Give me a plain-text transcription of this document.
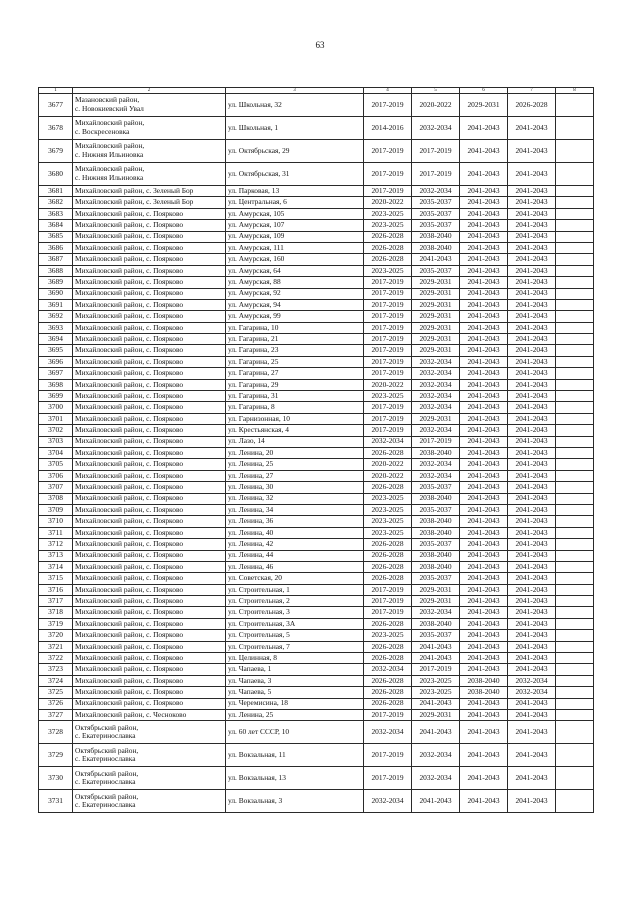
63
1	2	3	4	5	6	7	8
3677	Мазановский район,
с. Новокиевский Увал	ул. Школьная, 32	2017-2019	2020-2022	2029-2031	2026-2028	
3678	Михайловский район,
с. Воскресеновка	ул. Школьная, 1	2014-2016	2032-2034	2041-2043	2041-2043	
3679	Михайловский район,
с. Нижняя Ильиновка	ул. Октябрьская, 29	2017-2019	2017-2019	2041-2043	2041-2043	
3680	Михайловский район,
с. Нижняя Ильиновка	ул. Октябрьская, 31	2017-2019	2017-2019	2041-2043	2041-2043	
3681	Михайловский район, с. Зеленый Бор	ул. Парковая, 13	2017-2019	2032-2034	2041-2043	2041-2043	
3682	Михайловский район, с. Зеленый Бор	ул. Центральная, 6	2020-2022	2035-2037	2041-2043	2041-2043	
3683	Михайловский район, с. Поярково	ул. Амурская, 105	2023-2025	2035-2037	2041-2043	2041-2043	
3684	Михайловский район, с. Поярково	ул. Амурская, 107	2023-2025	2035-2037	2041-2043	2041-2043	
3685	Михайловский район, с. Поярково	ул. Амурская, 109	2026-2028	2038-2040	2041-2043	2041-2043	
3686	Михайловский район, с. Поярково	ул. Амурская, 111	2026-2028	2038-2040	2041-2043	2041-2043	
3687	Михайловский район, с. Поярково	ул. Амурская, 160	2026-2028	2041-2043	2041-2043	2041-2043	
3688	Михайловский район, с. Поярково	ул. Амурская, 64	2023-2025	2035-2037	2041-2043	2041-2043	
3689	Михайловский район, с. Поярково	ул. Амурская, 88	2017-2019	2029-2031	2041-2043	2041-2043	
3690	Михайловский район, с. Поярково	ул. Амурская, 92	2017-2019	2029-2031	2041-2043	2041-2043	
3691	Михайловский район, с. Поярково	ул. Амурская, 94	2017-2019	2029-2031	2041-2043	2041-2043	
3692	Михайловский район, с. Поярково	ул. Амурская, 99	2017-2019	2029-2031	2041-2043	2041-2043	
3693	Михайловский район, с. Поярково	ул. Гагарина, 10	2017-2019	2029-2031	2041-2043	2041-2043	
3694	Михайловский район, с. Поярково	ул. Гагарина, 21	2017-2019	2029-2031	2041-2043	2041-2043	
3695	Михайловский район, с. Поярково	ул. Гагарина, 23	2017-2019	2029-2031	2041-2043	2041-2043	
3696	Михайловский район, с. Поярково	ул. Гагарина, 25	2017-2019	2032-2034	2041-2043	2041-2043	
3697	Михайловский район, с. Поярково	ул. Гагарина, 27	2017-2019	2032-2034	2041-2043	2041-2043	
3698	Михайловский район, с. Поярково	ул. Гагарина, 29	2020-2022	2032-2034	2041-2043	2041-2043	
3699	Михайловский район, с. Поярково	ул. Гагарина, 31	2023-2025	2032-2034	2041-2043	2041-2043	
3700	Михайловский район, с. Поярково	ул. Гагарина, 8	2017-2019	2032-2034	2041-2043	2041-2043	
3701	Михайловский район, с. Поярково	ул. Гарнизонная, 10	2017-2019	2029-2031	2041-2043	2041-2043	
3702	Михайловский район, с. Поярково	ул. Крестьянская, 4	2017-2019	2032-2034	2041-2043	2041-2043	
3703	Михайловский район, с. Поярково	ул. Лазо, 14	2032-2034	2017-2019	2041-2043	2041-2043	
3704	Михайловский район, с. Поярково	ул. Ленина, 20	2026-2028	2038-2040	2041-2043	2041-2043	
3705	Михайловский район, с. Поярково	ул. Ленина, 25	2020-2022	2032-2034	2041-2043	2041-2043	
3706	Михайловский район, с. Поярково	ул. Ленина, 27	2020-2022	2032-2034	2041-2043	2041-2043	
3707	Михайловский район, с. Поярково	ул. Ленина, 30	2026-2028	2035-2037	2041-2043	2041-2043	
3708	Михайловский район, с. Поярково	ул. Ленина, 32	2023-2025	2038-2040	2041-2043	2041-2043	
3709	Михайловский район, с. Поярково	ул. Ленина, 34	2023-2025	2035-2037	2041-2043	2041-2043	
3710	Михайловский район, с. Поярково	ул. Ленина, 36	2023-2025	2038-2040	2041-2043	2041-2043	
3711	Михайловский район, с. Поярково	ул. Ленина, 40	2023-2025	2038-2040	2041-2043	2041-2043	
3712	Михайловский район, с. Поярково	ул. Ленина, 42	2026-2028	2035-2037	2041-2043	2041-2043	
3713	Михайловский район, с. Поярково	ул. Ленина, 44	2026-2028	2038-2040	2041-2043	2041-2043	
3714	Михайловский район, с. Поярково	ул. Ленина, 46	2026-2028	2038-2040	2041-2043	2041-2043	
3715	Михайловский район, с. Поярково	ул. Советская, 20	2026-2028	2035-2037	2041-2043	2041-2043	
3716	Михайловский район, с. Поярково	ул. Строительная, 1	2017-2019	2029-2031	2041-2043	2041-2043	
3717	Михайловский район, с. Поярково	ул. Строительная, 2	2017-2019	2029-2031	2041-2043	2041-2043	
3718	Михайловский район, с. Поярково	ул. Строительная, 3	2017-2019	2032-2034	2041-2043	2041-2043	
3719	Михайловский район, с. Поярково	ул. Строительная, 3А	2026-2028	2038-2040	2041-2043	2041-2043	
3720	Михайловский район, с. Поярково	ул. Строительная, 5	2023-2025	2035-2037	2041-2043	2041-2043	
3721	Михайловский район, с. Поярково	ул. Строительная, 7	2026-2028	2041-2043	2041-2043	2041-2043	
3722	Михайловский район, с. Поярково	ул. Целинная, 8	2026-2028	2041-2043	2041-2043	2041-2043	
3723	Михайловский район, с. Поярково	ул. Чапаева, 1	2032-2034	2017-2019	2041-2043	2041-2043	
3724	Михайловский район, с. Поярково	ул. Чапаева, 3	2026-2028	2023-2025	2038-2040	2032-2034	
3725	Михайловский район, с. Поярково	ул. Чапаева, 5	2026-2028	2023-2025	2038-2040	2032-2034	
3726	Михайловский район, с. Поярково	ул. Черемисина, 18	2026-2028	2041-2043	2041-2043	2041-2043	
3727	Михайловский район, с. Чесноково	ул. Ленина, 25	2017-2019	2029-2031	2041-2043	2041-2043	
3728	Октябрьский район,
с. Екатеринославка	ул. 60 лет СССР, 10	2032-2034	2041-2043	2041-2043	2041-2043	
3729	Октябрьский район,
с. Екатеринославка	ул. Вокзальная, 11	2017-2019	2032-2034	2041-2043	2041-2043	
3730	Октябрьский район,
с. Екатеринославка	ул. Вокзальная, 13	2017-2019	2032-2034	2041-2043	2041-2043	
3731	Октябрьский район,
с. Екатеринославка	ул. Вокзальная, 3	2032-2034	2041-2043	2041-2043	2041-2043	
